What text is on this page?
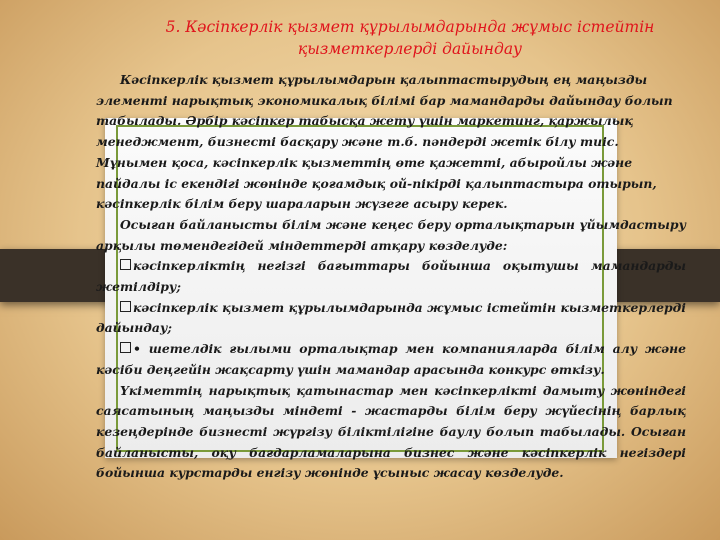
5. Кәсіпкерлік қызмет құрылымдарында жұмыс істейтін қызметкерлерді дайындау

Кәсіпкерлік қызмет құрылымдарын қалыптастырудың ең маңызды элементі нарықтық экономикалық білімі бар мамандарды дайындау болып табылады. Әрбір кәсіпкер табысқа жету үшін маркетинг, қаржылық менеджмент, бизнесті басқару және т.б. пәндерді жетік білу тиіс. Мұнымен қоса, кәсіпкерлік қызметтің өте қажетті, абыройлы және пайдалы іс екендігі жөнінде қоғамдық ой-пікірді қалыптастыра отырып, кәсіпкерлік білім беру шараларын жүзеге асыру керек.

Осыған байланысты білім және кеңес беру орталықтарын ұйымдастыру арқылы төмендегідей міндеттерді атқару көзделуде:

кәсіпкерліктің негізгі бағыттары бойынша оқытушы мамандарды жетілдіру;

кәсіпкерлік қызмет құрылымдарында жұмыс істейтін кызметкерлерді дайындау;

• шетелдік ғылыми орталықтар мен компанияларда білім алу және кәсіби деңгейін жақсарту үшін мамандар арасында конкурс өткізу.

Үкіметтің нарықтық қатынастар мен кәсіпкерлікті дамыту жөніндегі саясатының маңызды міндеті - жастарды білім беру жүйесінің барлық кезеңдерінде бизнесті жүргізу біліктілігіне баулу болып табылады. Осыған байланысты, оқу бағдарламаларына бизнес және кәсіпкерлік негіздері бойынша курстарды енгізу жөнінде ұсыныс жасау көзделуде.
